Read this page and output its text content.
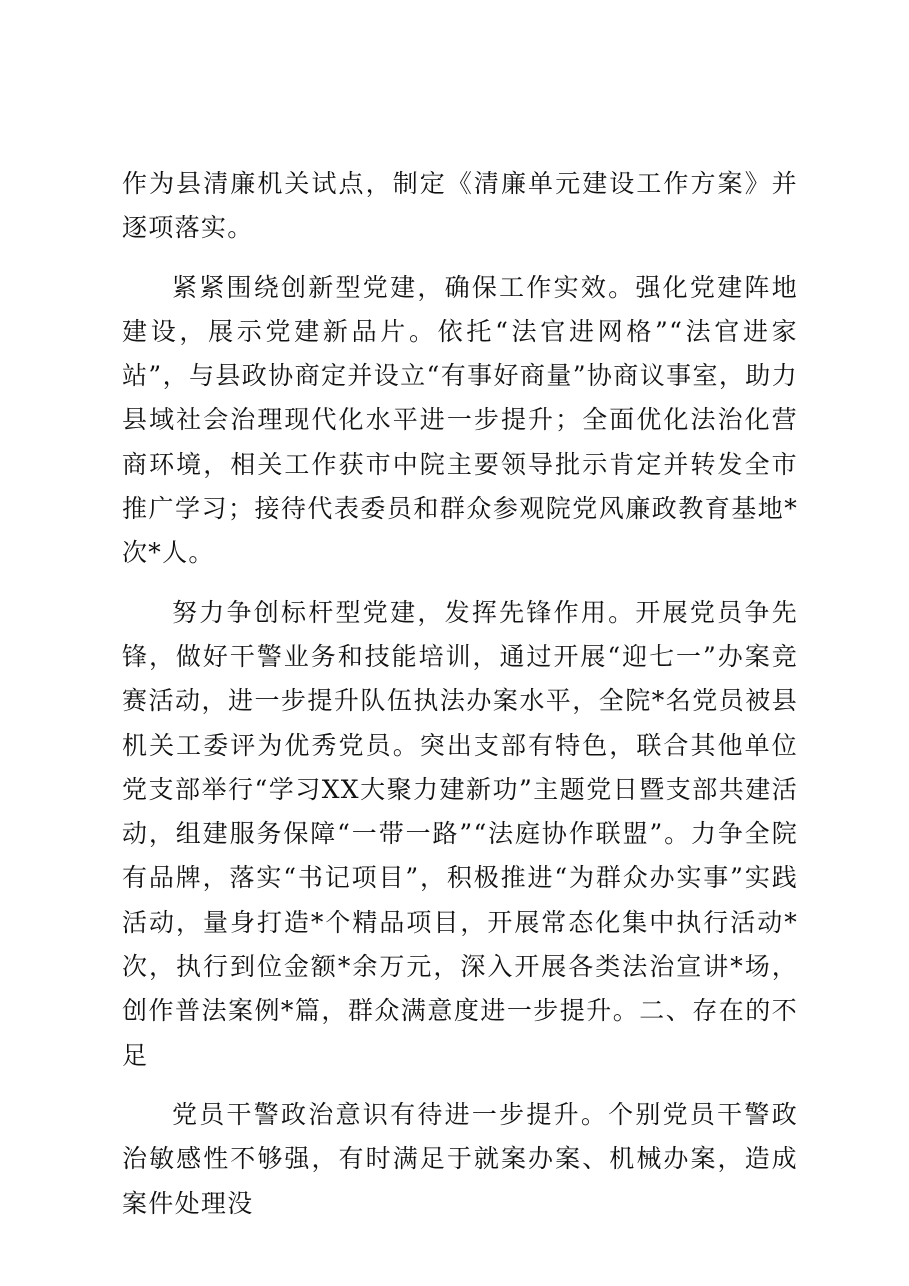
作为县清廉机关试点，制定《清廉单元建设工作方案》并逐项落实。

紧紧围绕创新型党建，确保工作实效。强化党建阵地建设，展示党建新品片。依托“法官进网格”“法官进家站”，与县政协商定并设立“有事好商量”协商议事室，助力县域社会治理现代化水平进一步提升；全面优化法治化营商环境，相关工作获市中院主要领导批示肯定并转发全市推广学习；接待代表委员和群众参观院党风廉政教育基地*次*人。

努力争创标杆型党建，发挥先锋作用。开展党员争先锋，做好干警业务和技能培训，通过开展“迎七一”办案竞赛活动，进一步提升队伍执法办案水平，全院*名党员被县机关工委评为优秀党员。突出支部有特色，联合其他单位党支部举行“学习XX大聚力建新功”主题党日暨支部共建活动，组建服务保障“一带一路”“法庭协作联盟”。力争全院有品牌，落实“书记项目”，积极推进“为群众办实事”实践活动，量身打造*个精品项目，开展常态化集中执行活动*次，执行到位金额*余万元，深入开展各类法治宣讲*场，创作普法案例*篇，群众满意度进一步提升。二、存在的不足

党员干警政治意识有待进一步提升。个别党员干警政治敏感性不够强，有时满足于就案办案、机械办案，造成案件处理没
